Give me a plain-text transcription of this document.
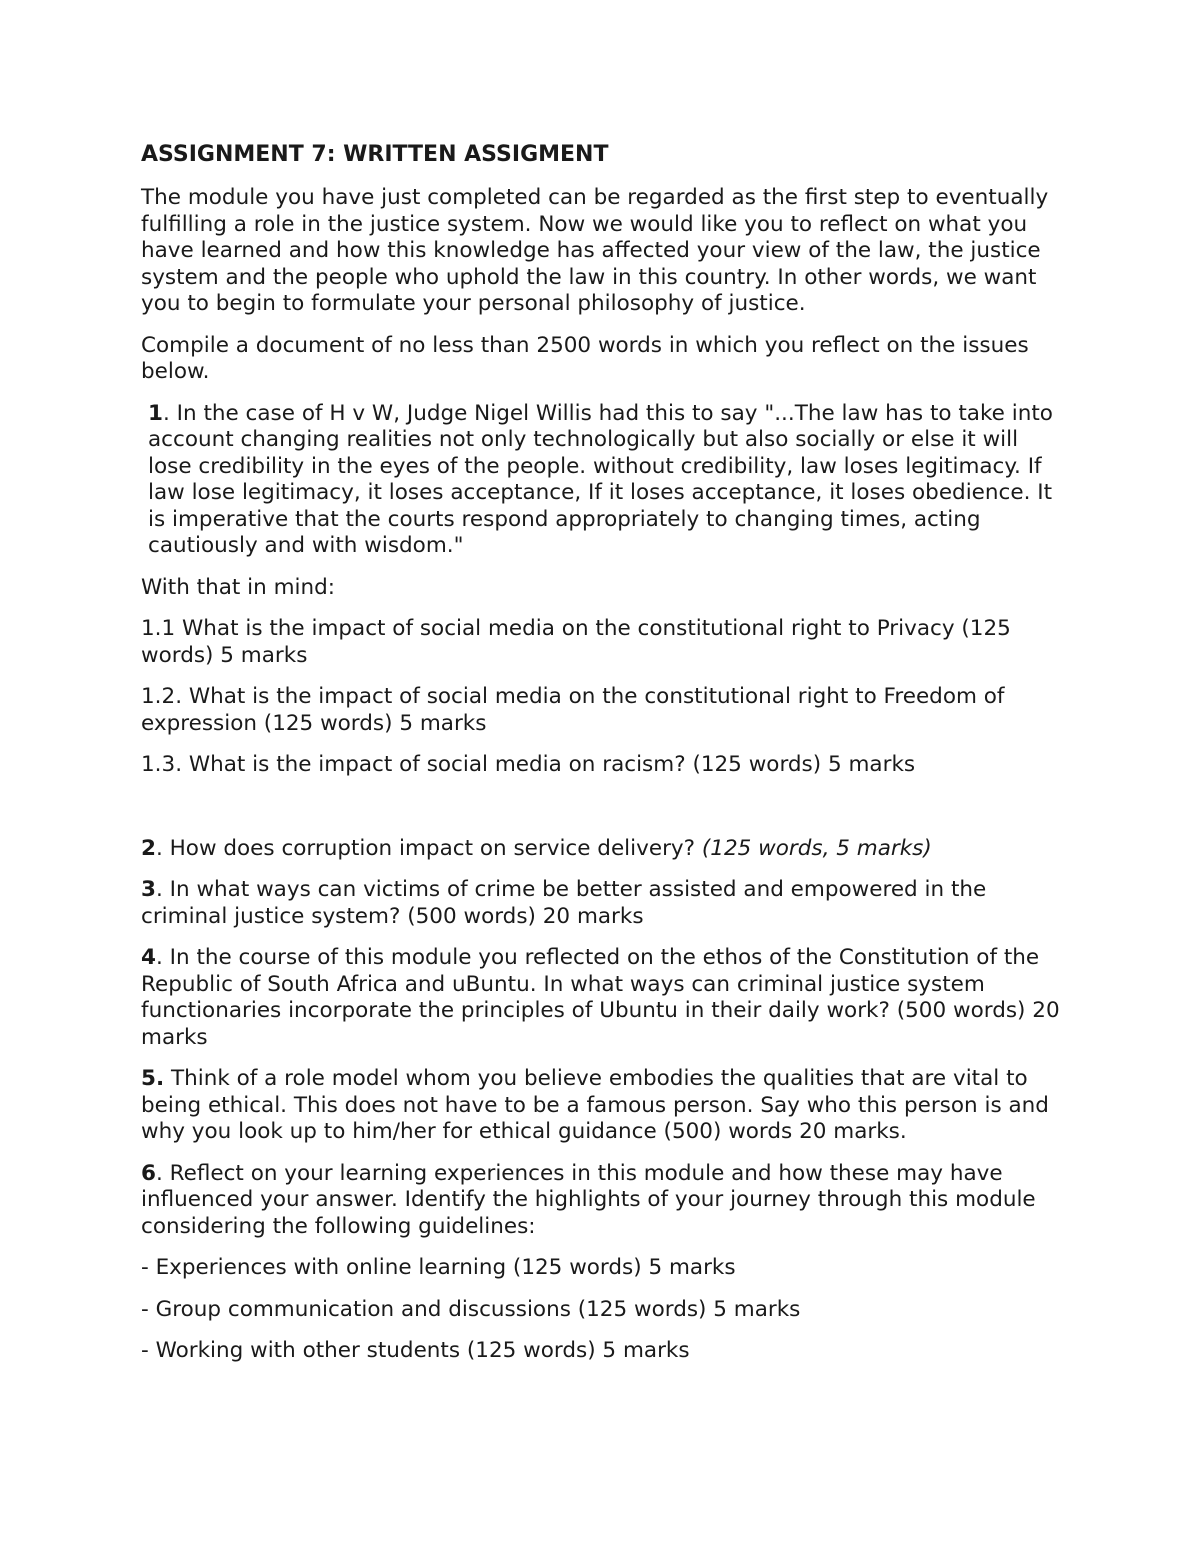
ASSIGNMENT 7: WRITTEN ASSIGMENT

The module you have just completed can be regarded as the first step to eventually fulfilling a role in the justice system. Now we would like you to reflect on what you have learned and how this knowledge has affected your view of the law, the justice system and the people who uphold the law in this country. In other words, we want you to begin to formulate your personal philosophy of justice.

Compile a document of no less than 2500 words in which you reflect on the issues below.

1. In the case of H v W, Judge Nigel Willis had this to say "...The law has to take into account changing realities not only technologically but also socially or else it will lose credibility in the eyes of the people. without credibility, law loses legitimacy. If law lose legitimacy, it loses acceptance, If it loses acceptance, it loses obedience. It is imperative that the courts respond appropriately to changing times, acting cautiously and with wisdom."

With that in mind:

1.1 What is the impact of social media on the constitutional right to Privacy (125 words) 5 marks

1.2. What is the impact of social media on the constitutional right to Freedom of expression (125 words) 5 marks

1.3. What is the impact of social media on racism? (125 words) 5 marks

2. How does corruption impact on service delivery? (125 words, 5 marks)

3. In what ways can victims of crime be better assisted and empowered in the criminal justice system? (500 words) 20 marks

4. In the course of this module you reflected on the ethos of the Constitution of the Republic of South Africa and uBuntu. In what ways can criminal justice system functionaries incorporate the principles of Ubuntu in their daily work? (500 words) 20 marks

5. Think of a role model whom you believe embodies the qualities that are vital to being ethical. This does not have to be a famous person. Say who this person is and why you look up to him/her for ethical guidance (500) words 20 marks.

6. Reflect on your learning experiences in this module and how these may have influenced your answer. Identify the highlights of your journey through this module considering the following guidelines:

- Experiences with online learning (125 words) 5 marks

- Group communication and discussions (125 words) 5 marks

- Working with other students (125 words) 5 marks
